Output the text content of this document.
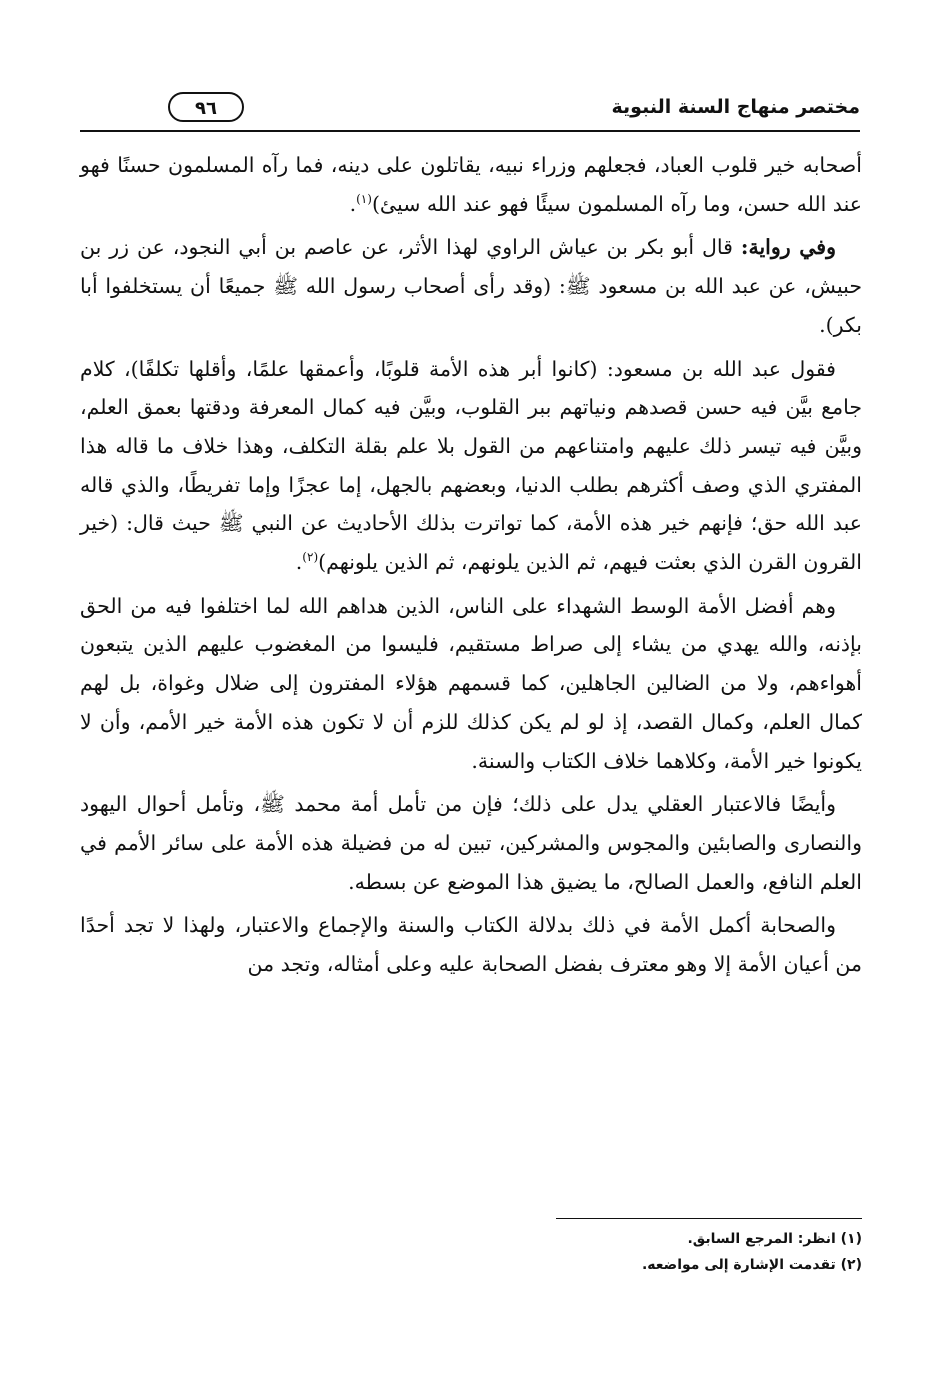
مختصر منهاج السنة النبوية
٩٦

أصحابه خير قلوب العباد، فجعلهم وزراء نبيه، يقاتلون على دينه، فما رآه المسلمون حسنًا فهو عند الله حسن، وما رآه المسلمون سيئًا فهو عند الله سيئ)$^{(١)}$.

وفي رواية: قال أبو بكر بن عياش الراوي لهذا الأثر، عن عاصم بن أبي النجود، عن زر بن حبيش، عن عبد الله بن مسعود ﷺ: (وقد رأى أصحاب رسول الله ﷺ جميعًا أن يستخلفوا أبا بكر).

فقول عبد الله بن مسعود: (كانوا أبر هذه الأمة قلوبًا، وأعمقها علمًا، وأقلها تكلفًا)، كلام جامع بيَّن فيه حسن قصدهم ونياتهم ببر القلوب، وبيَّن فيه كمال المعرفة ودقتها بعمق العلم، وبيَّن فيه تيسر ذلك عليهم وامتناعهم من القول بلا علم بقلة التكلف، وهذا خلاف ما قاله هذا المفتري الذي وصف أكثرهم بطلب الدنيا، وبعضهم بالجهل، إما عجزًا وإما تفريطًا، والذي قاله عبد الله حق؛ فإنهم خير هذه الأمة، كما تواترت بذلك الأحاديث عن النبي ﷺ حيث قال: (خير القرون القرن الذي بعثت فيهم، ثم الذين يلونهم، ثم الذين يلونهم)$^{(٢)}$.

وهم أفضل الأمة الوسط الشهداء على الناس، الذين هداهم الله لما اختلفوا فيه من الحق بإذنه، والله يهدي من يشاء إلى صراط مستقيم، فليسوا من المغضوب عليهم الذين يتبعون أهواءهم، ولا من الضالين الجاهلين، كما قسمهم هؤلاء المفترون إلى ضلال وغواة، بل لهم كمال العلم، وكمال القصد، إذ لو لم يكن كذلك للزم أن لا تكون هذه الأمة خير الأمم، وأن لا يكونوا خير الأمة، وكلاهما خلاف الكتاب والسنة.

وأيضًا فالاعتبار العقلي يدل على ذلك؛ فإن من تأمل أمة محمد ﷺ، وتأمل أحوال اليهود والنصارى والصابئين والمجوس والمشركين، تبين له من فضيلة هذه الأمة على سائر الأمم في العلم النافع، والعمل الصالح، ما يضيق هذا الموضع عن بسطه.

والصحابة أكمل الأمة في ذلك بدلالة الكتاب والسنة والإجماع والاعتبار، ولهذا لا تجد أحدًا من أعيان الأمة إلا وهو معترف بفضل الصحابة عليه وعلى أمثاله، وتجد من

(١) انظر: المرجع السابق.
(٢) تقدمت الإشارة إلى مواضعه.
